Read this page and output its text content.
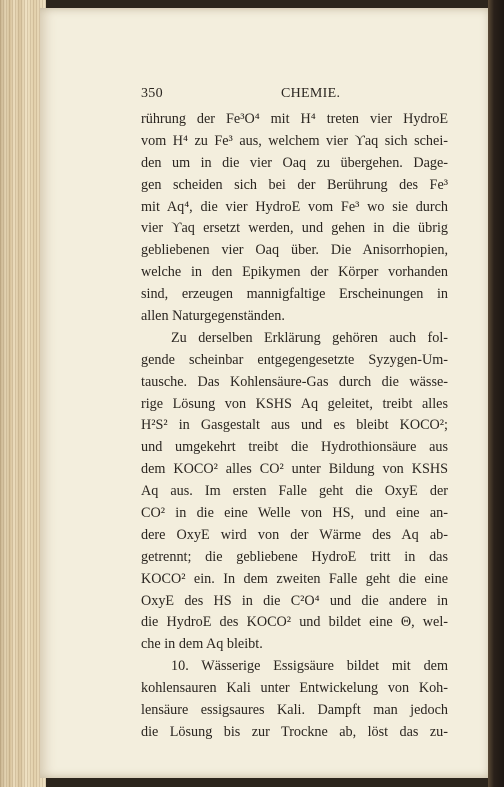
350	CHEMIE.
rührung der Fe³O⁴ mit H⁴ treten vier HydroE
vom H⁴ zu Fe³ aus, welchem vier ϒaq sich schei-
den um in die vier Oaq zu übergehen. Dage-
gen scheiden sich bei der Berührung des Fe³
mit Aq⁴, die vier HydroE vom Fe³ wo sie durch
vier ϒaq ersetzt werden, und gehen in die übrig
gebliebenen vier Oaq über. Die Anisorrhopien,
welche in den Epikymen der Körper vorhanden
sind, erzeugen mannigfaltige Erscheinungen in
allen Naturgegenständen.
Zu derselben Erklärung gehören auch fol-
gende scheinbar entgegengesetzte Syzygen-Um-
tausche. Das Kohlensäure-Gas durch die wässe-
rige Lösung von KSHS Aq geleitet, treibt alles
H²S² in Gasgestalt aus und es bleibt KOCO²;
und umgekehrt treibt die Hydrothionsäure aus
dem KOCO² alles CO² unter Bildung von KSHS
Aq aus. Im ersten Falle geht die OxyE der
CO² in die eine Welle von HS, und eine an-
dere OxyE wird von der Wärme des Aq ab-
getrennt; die gebliebene HydroE tritt in das
KOCO² ein. In dem zweiten Falle geht die eine
OxyE des HS in die C²O⁴ und die andere in
die HydroE des KOCO² und bildet eine Θ, wel-
che in dem Aq bleibt.
10. Wässerige Essigsäure bildet mit dem
kohlensauren Kali unter Entwickelung von Koh-
lensäure essigsaures Kali. Dampft man jedoch
die Lösung bis zur Trockne ab, löst das zu-
